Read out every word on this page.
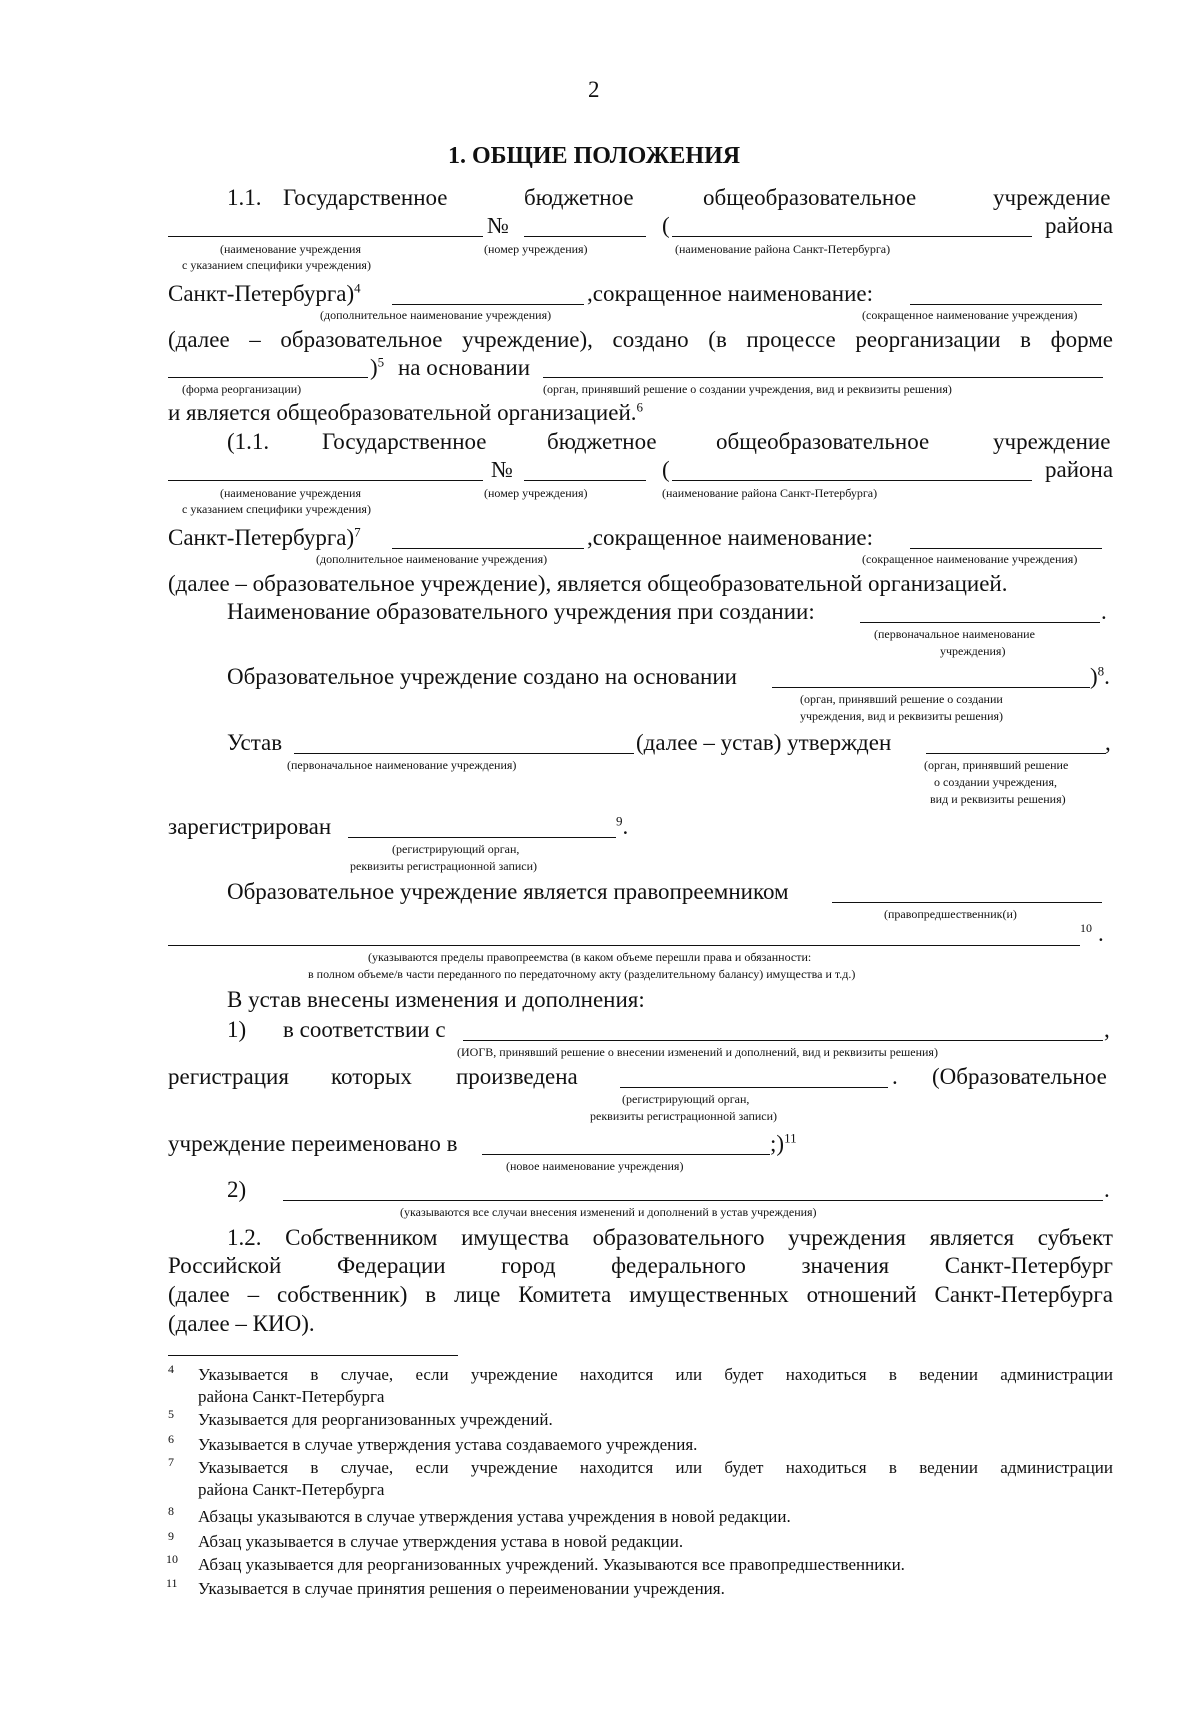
2
1. ОБЩИЕ ПОЛОЖЕНИЯ
1.1. Государственное	бюджетное	общеобразовательное	учреждение
№	(	района
(наименование учреждения
с указанием специфики учреждения)
(номер учреждения)	(наименование района Санкт-Петербурга)
Санкт-Петербурга)$^4$	,сокращенное наименование:
(дополнительное наименование учреждения)	(сокращенное наименование учреждения)
(далее – образовательное учреждение), создано (в процессе реорганизации в форме
)$^5$ на основании
(форма реорганизации)	(орган, принявший решение о создании учреждения, вид и реквизиты решения)
и является общеобразовательной организацией.$^6$
(1.1. Государственное	бюджетное	общеобразовательное	учреждение
№	(	района
(наименование учреждения
с указанием специфики учреждения)
(номер учреждения)	(наименование района Санкт-Петербурга)
Санкт-Петербурга)$^7$	,сокращенное наименование:
(дополнительное наименование учреждения)	(сокращенное наименование учреждения)
(далее – образовательное учреждение), является общеобразовательной организацией.
Наименование образовательного учреждения при создании:	.
(первоначальное наименование
учреждения)
Образовательное учреждение создано на основании	)$^8$.
(орган, принявший решение о создании
учреждения, вид и реквизиты решения)
Устав	(далее – устав) утвержден	,
(первоначальное наименование учреждения)	(орган, принявший решение
о создании учреждения,
вид и реквизиты решения)
зарегистрирован	$^9$.
(регистрирующий орган,
реквизиты регистрационной записи)
Образовательное учреждение является правопреемником
(правопредшественник(и)
10 .
(указываются пределы правопреемства (в каком объеме перешли права и обязанности:
в полном объеме/в части переданного по передаточному акту (разделительному балансу) имущества и т.д.)
В устав внесены изменения и дополнения:
1) в соответствии с	,
(ИОГВ, принявший решение о внесении изменений и дополнений, вид и реквизиты решения)
регистрация которых произведена	. (Образовательное
(регистрирующий орган,
реквизиты регистрационной записи)
учреждение переименовано в	;)$^{11}$
(новое наименование учреждения)
2)	.
(указываются все случаи внесения изменений и дополнений в устав учреждения)
1.2. Собственником имущества образовательного учреждения является субъект
Российской Федерации город федерального значения Санкт-Петербург
(далее – собственник) в лице Комитета имущественных отношений Санкт-Петербурга
(далее – КИО).
4 Указывается в случае, если учреждение находится или будет находиться в ведении администрации
района Санкт-Петербурга
5 Указывается для реорганизованных учреждений.
6 Указывается в случае утверждения устава создаваемого учреждения.
7 Указывается в случае, если учреждение находится или будет находиться в ведении администрации
района Санкт-Петербурга
8 Абзацы указываются в случае утверждения устава учреждения в новой редакции.
9 Абзац указывается в случае утверждения устава в новой редакции.
10 Абзац указывается для реорганизованных учреждений. Указываются все правопредшественники.
11 Указывается в случае принятия решения о переименовании учреждения.
